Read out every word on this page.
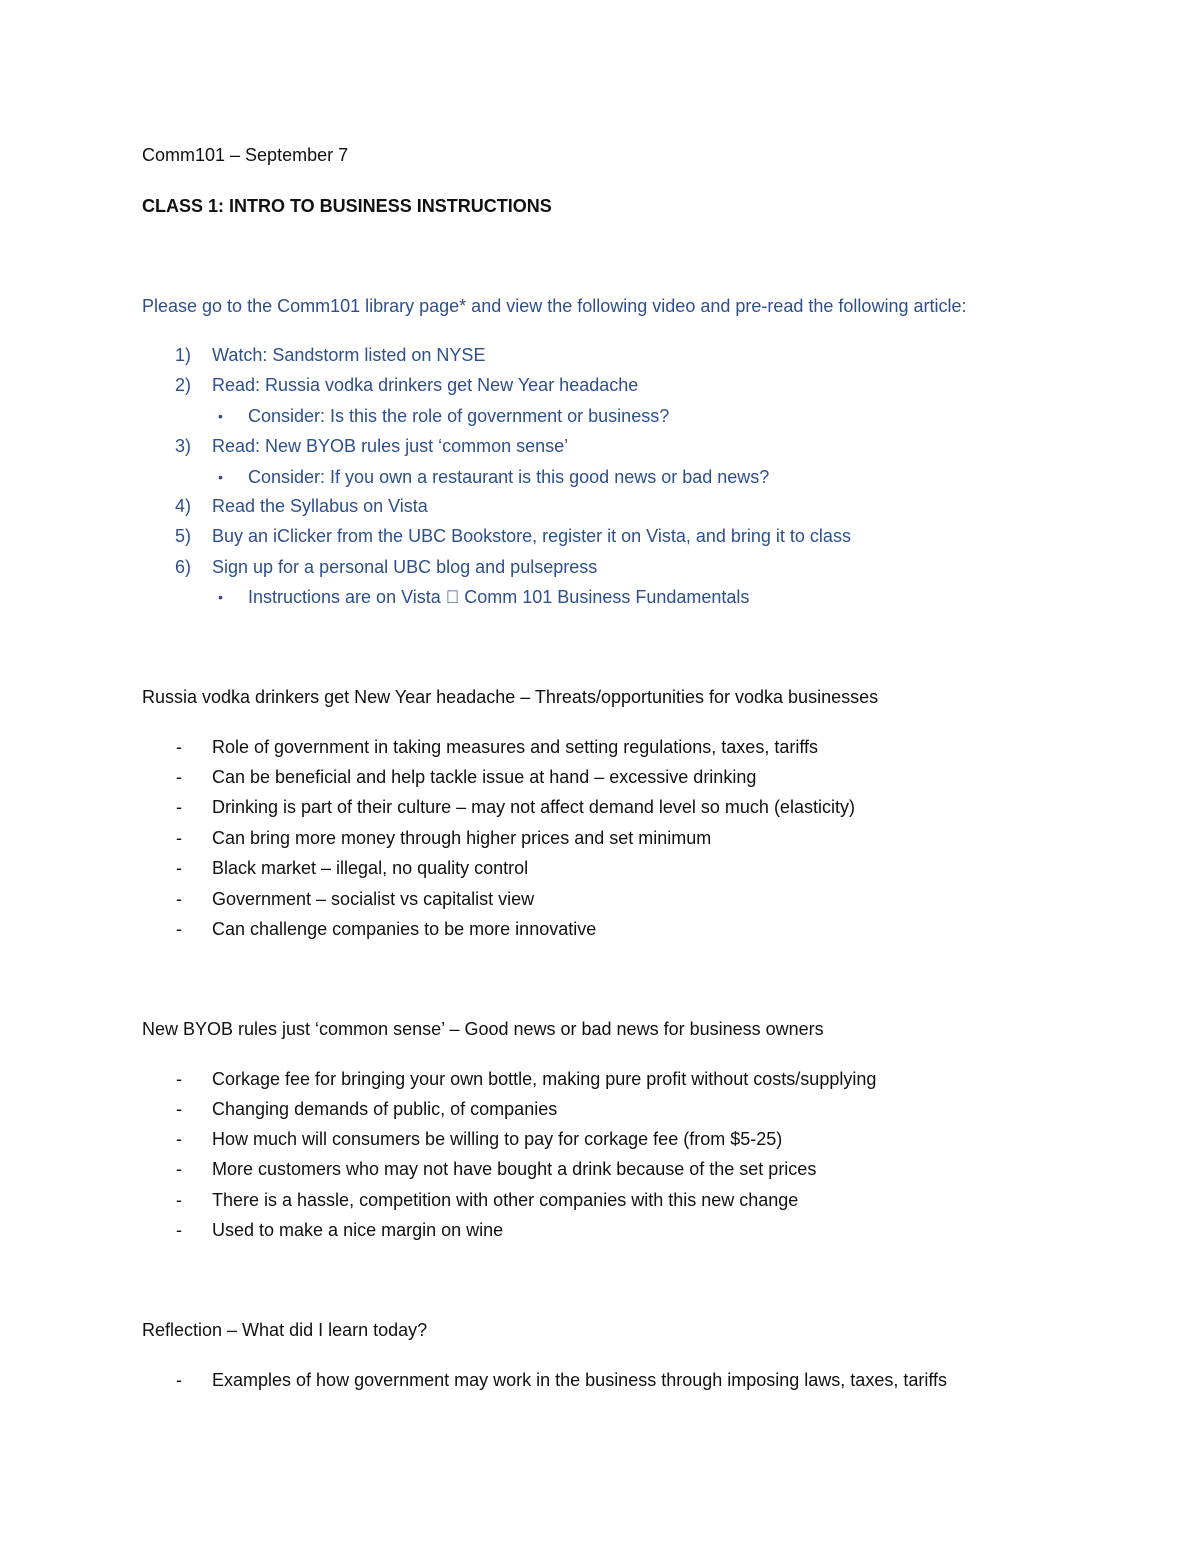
Comm101 – September 7
CLASS 1: INTRO TO BUSINESS INSTRUCTIONS
Please go to the Comm101 library page* and view the following video and pre-read the following article:
1) Watch: Sandstorm listed on NYSE
2) Read: Russia vodka drinkers get New Year headache
• Consider: Is this the role of government or business?
3) Read: New BYOB rules just ‘common sense’
• Consider: If you own a restaurant is this good news or bad news?
4) Read the Syllabus on Vista
5) Buy an iClicker from the UBC Bookstore, register it on Vista, and bring it to class
6) Sign up for a personal UBC blog and pulsepress
• Instructions are on Vista   Comm 101 Business Fundamentals
Russia vodka drinkers get New Year headache – Threats/opportunities for vodka businesses
- Role of government in taking measures and setting regulations, taxes, tariffs
- Can be beneficial and help tackle issue at hand – excessive drinking
- Drinking is part of their culture – may not affect demand level so much (elasticity)
- Can bring more money through higher prices and set minimum
- Black market – illegal, no quality control
- Government – socialist vs capitalist view
- Can challenge companies to be more innovative
New BYOB rules just ‘common sense’ – Good news or bad news for business owners
- Corkage fee for bringing your own bottle, making pure profit without costs/supplying
- Changing demands of public, of companies
- How much will consumers be willing to pay for corkage fee (from $5-25)
- More customers who may not have bought a drink because of the set prices
- There is a hassle, competition with other companies with this new change
- Used to make a nice margin on wine
Reflection – What did I learn today?
- Examples of how government may work in the business through imposing laws, taxes, tariffs
